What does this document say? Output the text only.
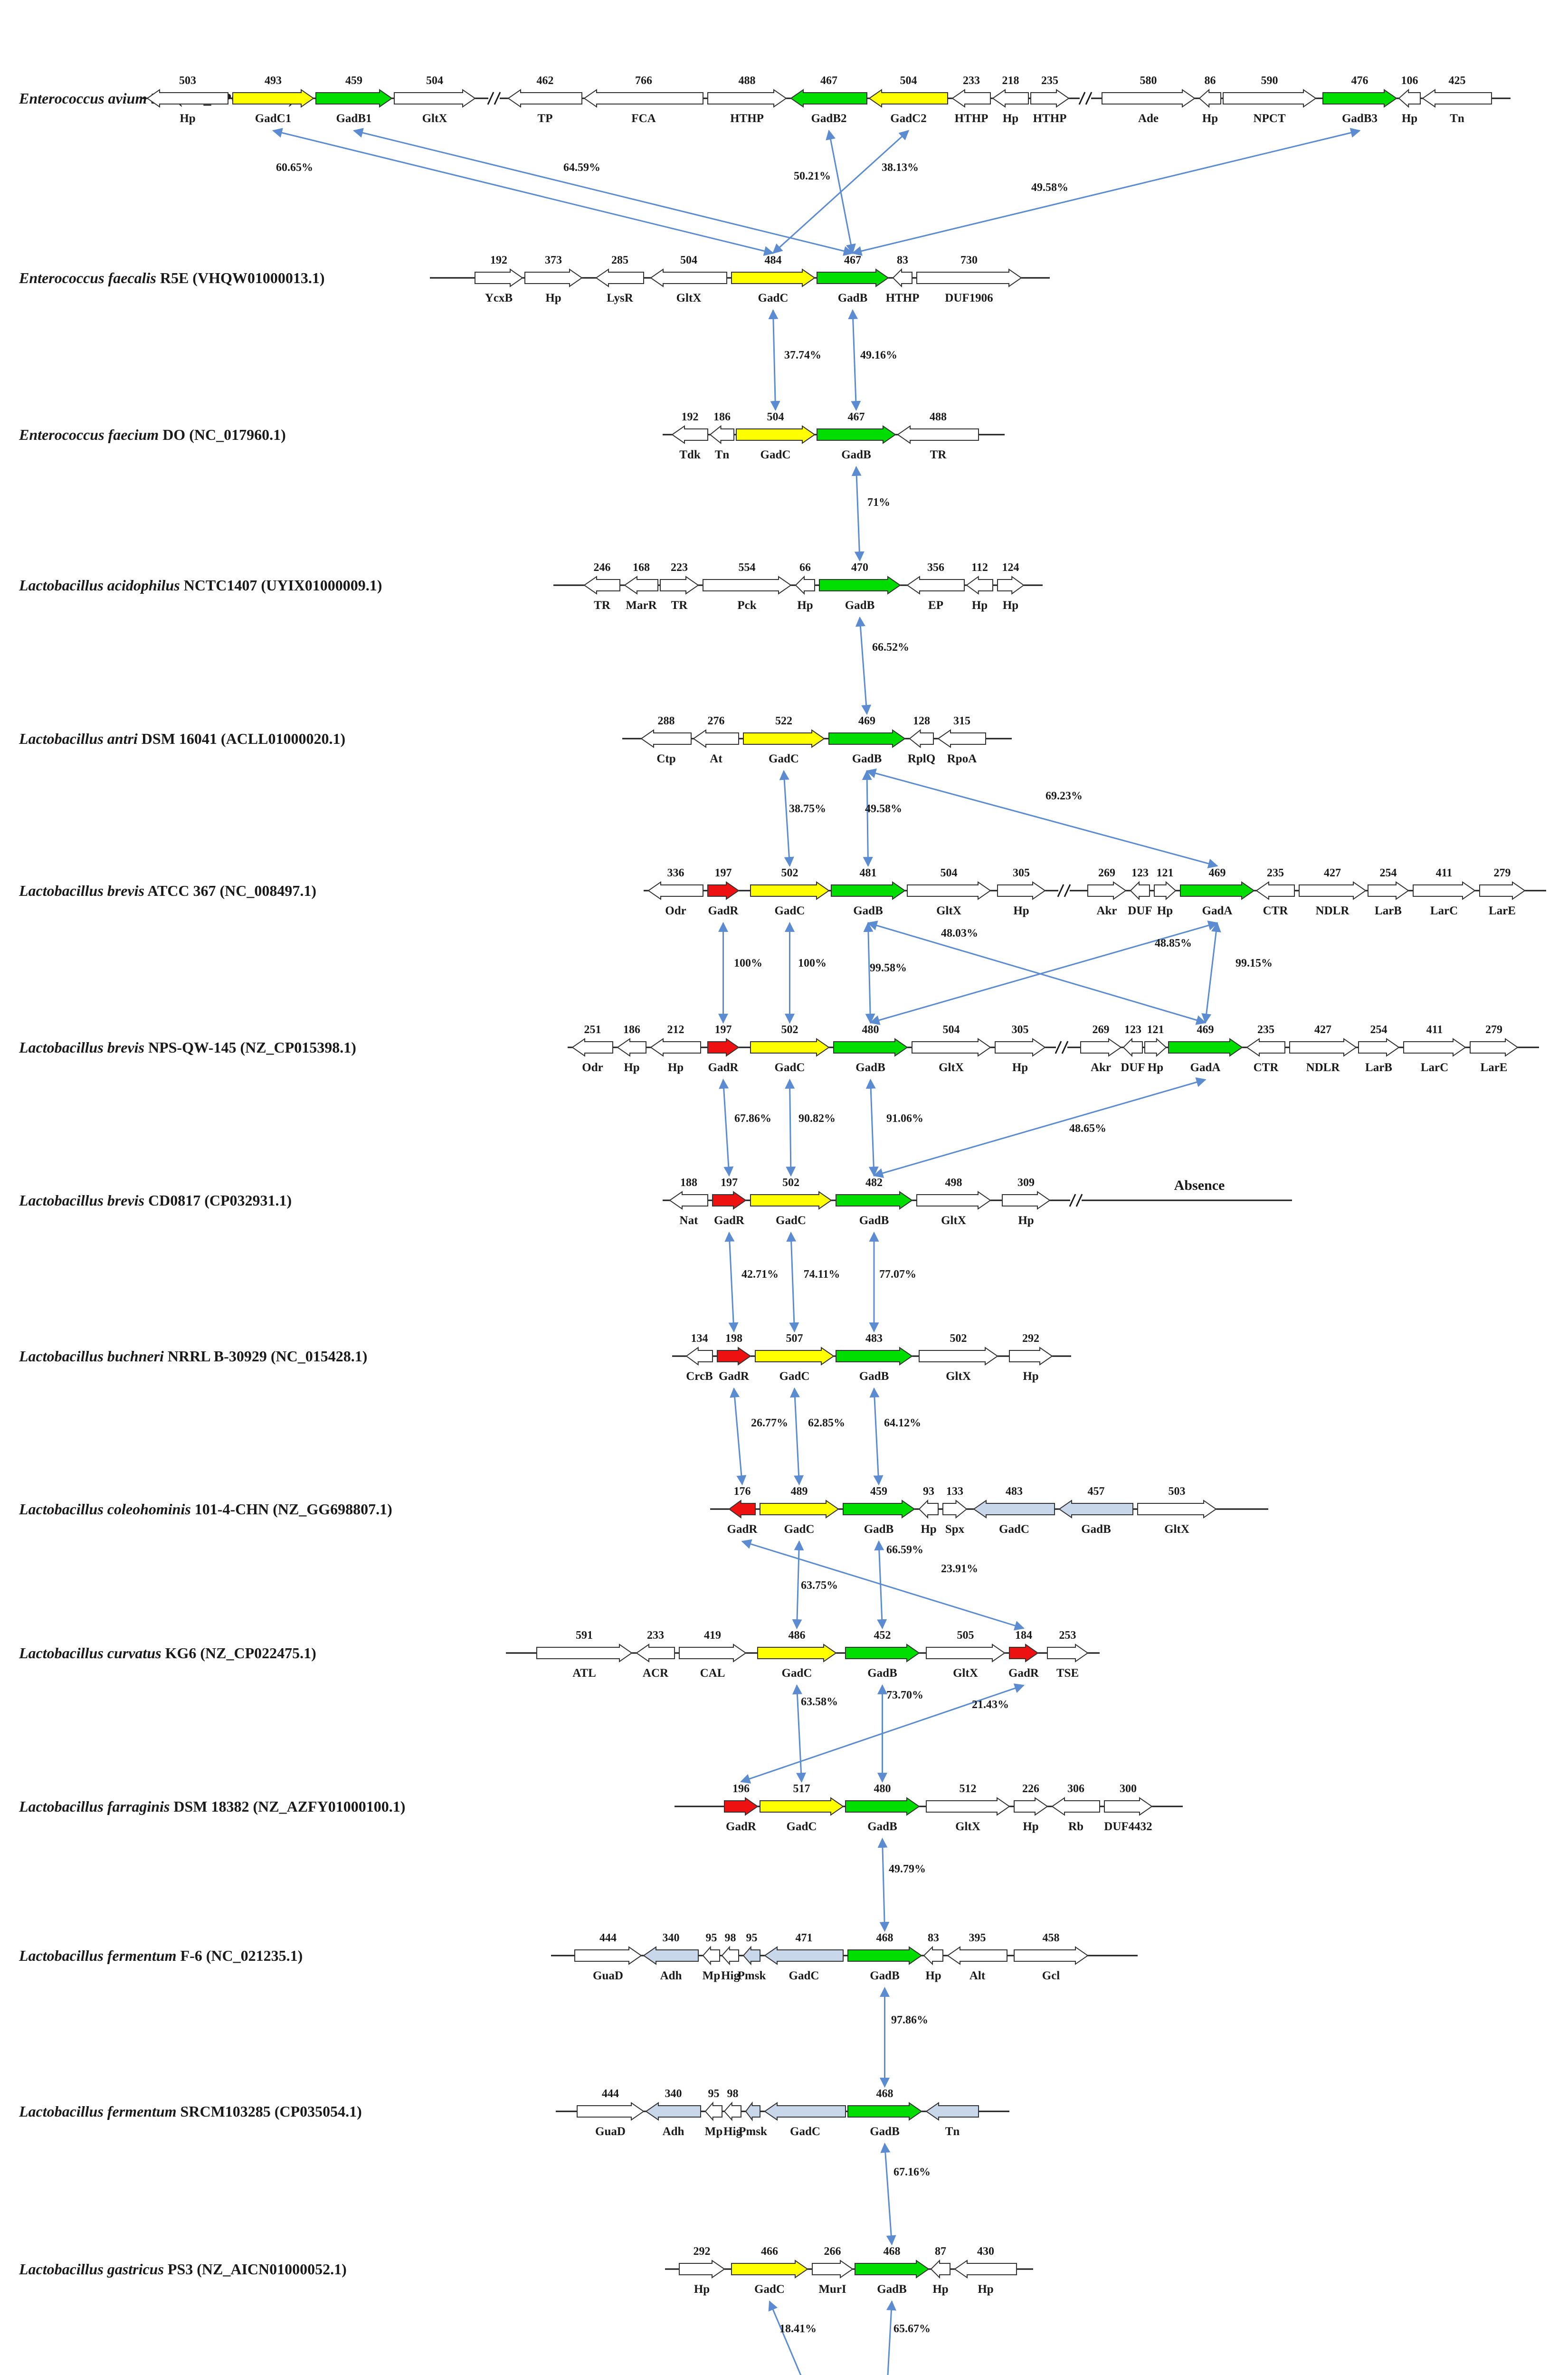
Enterococcus avium
503
Hp
493
GadC1
459
GadB1
504
GltX
462
TP
766
FCA
488
HTHP
467
GadB2
504
GadC2
233
HTHP
218
Hp
235
HTHP
580
Ade
86
Hp
590
NPCT
476
GadB3
106
Hp
425
Tn
Enterococcus faecalis R5E (VHQW01000013.1)
192
YcxB
373
Hp
285
LysR
504
GltX
484
GadC
467
GadB
83
HTHP
730
DUF1906
Enterococcus faecium DO (NC_017960.1)
192
Tdk
186
Tn
504
GadC
467
GadB
488
TR
Lactobacillus acidophilus NCTC1407 (UYIX01000009.1)
246
TR
168
MarR
223
TR
554
Pck
66
Hp
470
GadB
356
EP
112
Hp
124
Hp
Lactobacillus antri DSM 16041 (ACLL01000020.1)
288
Ctp
276
At
522
GadC
469
GadB
128
RplQ
315
RpoA
Lactobacillus brevis ATCC 367 (NC_008497.1)
336
Odr
197
GadR
502
GadC
481
GadB
504
GltX
305
Hp
269
Akr
123
DUF
121
Hp
469
GadA
235
CTR
427
NDLR
254
LarB
411
LarC
279
LarE
Lactobacillus brevis NPS-QW-145 (NZ_CP015398.1)
251
Odr
186
Hp
212
Hp
197
GadR
502
GadC
480
GadB
504
GltX
305
Hp
269
Akr
123
DUF
121
Hp
469
GadA
235
CTR
427
NDLR
254
LarB
411
LarC
279
LarE
Lactobacillus brevis CD0817 (CP032931.1)
188
Nat
197
GadR
502
GadC
482
GadB
498
GltX
309
Hp
Absence
Lactobacillus buchneri NRRL B-30929 (NC_015428.1)
134
CrcB
198
GadR
507
GadC
483
GadB
502
GltX
292
Hp
Lactobacillus coleohominis 101-4-CHN (NZ_GG698807.1)
176
GadR
489
GadC
459
GadB
93
Hp
133
Spx
483
GadC
457
GadB
503
GltX
Lactobacillus curvatus KG6 (NZ_CP022475.1)
591
ATL
233
ACR
419
CAL
486
GadC
452
GadB
505
GltX
184
GadR
253
TSE
Lactobacillus farraginis DSM 18382 (NZ_AZFY01000100.1)
196
GadR
517
GadC
480
GadB
512
GltX
226
Hp
306
Rb
300
DUF4432
Lactobacillus fermentum F-6 (NC_021235.1)
444
GuaD
340
Adh
95
Mp
98
Hig
95
Pmsk
471
GadC
468
GadB
83
Hp
395
Alt
458
Gcl
Lactobacillus fermentum SRCM103285 (CP035054.1)
444
GuaD
340
Adh
95
Mp
98
Hig
Pmsk GadC
468
GadB	Tn
Lactobacillus gastricus PS3 (NZ_AICN01000052.1)
292
Hp
466
GadC
266
MurI
468
GadB
87
Hp
430
Hp
60.65%	64.59%
50.21%
38.13%
49.58%
37.74%	49.16%
71%
66.52%
38.75%	49.58%
69.23%
100%	100%	99.58%
48.03%
48.85%
99.15%
67.86% 90.82%	91.06%
48.65%
42.71% 74.11%	77.07%
26.77% 62.85%	64.12%
63.75%
66.59%
23.91%
63.58%
73.70%
21.43%
49.79%
97.86%
67.16%
18.41%	65.67%
